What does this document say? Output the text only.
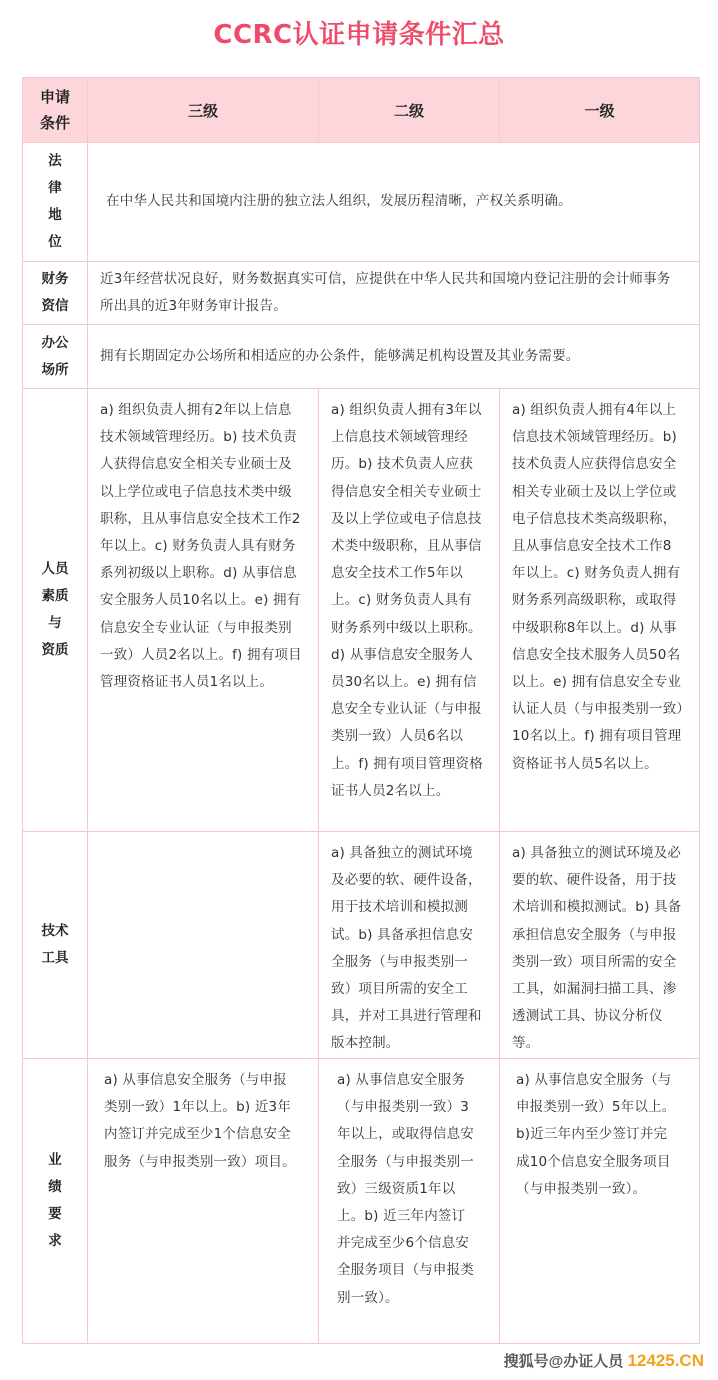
CCRC认证申请条件汇总
申请
条件	三级	二级	一级

法
律
地
位	在中华人民共和国境内注册的独立法人组织，发展历程清晰，产权关系明确。		

财务
资信	近3年经营状况良好，财务数据真实可信，应提供在中华人民共和国境内登记注册的会计师事务所出具的近3年财务审计报告。		

办公
场所	拥有长期固定办公场所和相适应的办公条件，能够满足机构设置及其业务需要。		

人员
素质
与
资质	a) 组织负责人拥有2年以上信息技术领域管理经历。b) 技术负责人获得信息安全相关专业硕士及以上学位或电子信息技术类中级职称，且从事信息安全技术工作2年以上。c) 财务负责人具有财务系列初级以上职称。d) 从事信息安全服务人员10名以上。e) 拥有信息安全专业认证（与申报类别一致）人员2名以上。f) 拥有项目管理资格证书人员1名以上。	a) 组织负责人拥有3年以上信息技术领域管理经历。b) 技术负责人应获得信息安全相关专业硕士及以上学位或电子信息技术类中级职称，且从事信息安全技术工作5年以上。c) 财务负责人具有财务系列中级以上职称。d) 从事信息安全服务人员30名以上。e) 拥有信息安全专业认证（与申报类别一致）人员6名以上。f) 拥有项目管理资格证书人员2名以上。	a) 组织负责人拥有4年以上信息技术领域管理经历。b) 技术负责人应获得信息安全相关专业硕士及以上学位或电子信息技术类高级职称，且从事信息安全技术工作8年以上。c) 财务负责人拥有财务系列高级职称，或取得中级职称8年以上。d) 从事信息安全技术服务人员50名以上。e) 拥有信息安全专业认证人员（与申报类别一致）10名以上。f) 拥有项目管理资格证书人员5名以上。

技术
工具		a) 具备独立的测试环境及必要的软、硬件设备，用于技术培训和模拟测试。b) 具备承担信息安全服务（与申报类别一致）项目所需的安全工具，并对工具进行管理和版本控制。	a) 具备独立的测试环境及必要的软、硬件设备，用于技术培训和模拟测试。b) 具备承担信息安全服务（与申报类别一致）项目所需的安全工具，如漏洞扫描工具、渗透测试工具、协议分析仪等。

业
绩
要
求	a) 从事信息安全服务（与申报类别一致）1年以上。b) 近3年内签订并完成至少1个信息安全服务（与申报类别一致）项目。	a) 从事信息安全服务（与申报类别一致）3年以上，或取得信息安全服务（与申报类别一致）三级资质1年以上。b) 近三年内签订并完成至少6个信息安全服务项目（与申报类别一致）。	a) 从事信息安全服务（与申报类别一致）5年以上。b)近三年内至少签订并完成10个信息安全服务项目（与申报类别一致）。
搜狐号@办证人员 12425.CN
